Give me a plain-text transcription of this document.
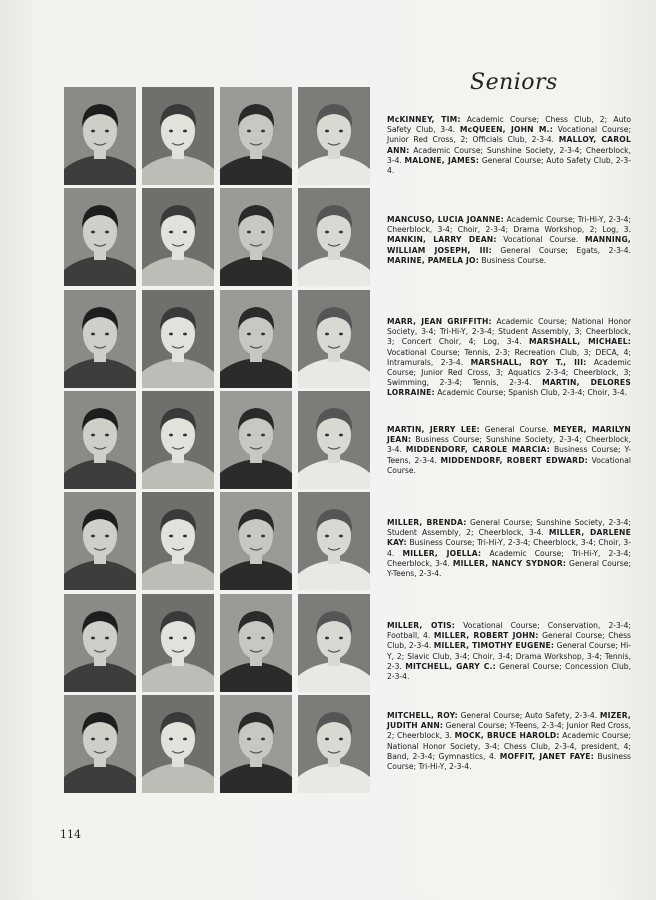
Seniors
McKINNEY, TIM: Academic Course; Chess Club, 2; Auto Safety Club, 3-4. McQUEEN, JOHN M.: Vocational Course; Junior Red Cross, 2; Officials Club, 2-3-4. MALLOY, CAROL ANN: Academic Course; Sunshine Society, 2-3-4; Cheerblock, 3-4. MALONE, JAMES: General Course; Auto Safety Club, 2-3-4.
MANCUSO, LUCIA JOANNE: Academic Course; Tri-Hi-Y, 2-3-4; Cheerblock, 3-4; Choir, 2-3-4; Drama Workshop, 2; Log, 3. MANKIN, LARRY DEAN: Vocational Course. MANNING, WILLIAM JOSEPH, III: General Course; Egats, 2-3-4. MARINE, PAMELA JO: Business Course.
MARR, JEAN GRIFFITH: Academic Course; National Honor Society, 3-4; Tri-Hi-Y, 2-3-4; Student Assembly, 3; Cheerblock, 3; Concert Choir, 4; Log, 3-4. MARSHALL, MICHAEL: Vocational Course; Tennis, 2-3; Recreation Club, 3; DECA, 4; Intramurals, 2-3-4. MARSHALL, ROY T., III: Academic Course; Junior Red Cross, 3; Aquatics 2-3-4; Cheerblock, 3; Swimming, 2-3-4; Tennis, 2-3-4. MARTIN, DELORES LORRAINE: Academic Course; Spanish Club, 2-3-4; Choir, 3-4.
MARTIN, JERRY LEE: General Course. MEYER, MARILYN JEAN: Business Course; Sunshine Society, 2-3-4; Cheerblock, 3-4. MIDDENDORF, CAROLE MARCIA: Business Course; Y-Teens, 2-3-4. MIDDENDORF, ROBERT EDWARD: Vocational Course.
MILLER, BRENDA: General Course; Sunshine Society, 2-3-4; Student Assembly, 2; Cheerblock, 3-4. MILLER, DARLENE KAY: Business Course; Tri-Hi-Y, 2-3-4; Cheerblock, 3-4; Choir, 3-4. MILLER, JOELLA: Academic Course; Tri-Hi-Y, 2-3-4; Cheerblock, 3-4. MILLER, NANCY SYDNOR: General Course; Y-Teens, 2-3-4.
MILLER, OTIS: Vocational Course; Conservation, 2-3-4; Football, 4. MILLER, ROBERT JOHN: General Course; Chess Club, 2-3-4. MILLER, TIMOTHY EUGENE: General Course; Hi-Y, 2; Slavic Club, 3-4; Choir, 3-4; Drama Workshop, 3-4; Tennis, 2-3. MITCHELL, GARY C.: General Course; Concession Club, 2-3-4.
MITCHELL, ROY: General Course; Auto Safety, 2-3-4. MIZER, JUDITH ANN: General Course; Y-Teens, 2-3-4; Junior Red Cross, 2; Cheerblock, 3. MOCK, BRUCE HAROLD: Academic Course; National Honor Society, 3-4; Chess Club, 2-3-4, president, 4; Band, 2-3-4; Gymnastics, 4. MOFFIT, JANET FAYE: Business Course; Tri-Hi-Y, 2-3-4.
114
